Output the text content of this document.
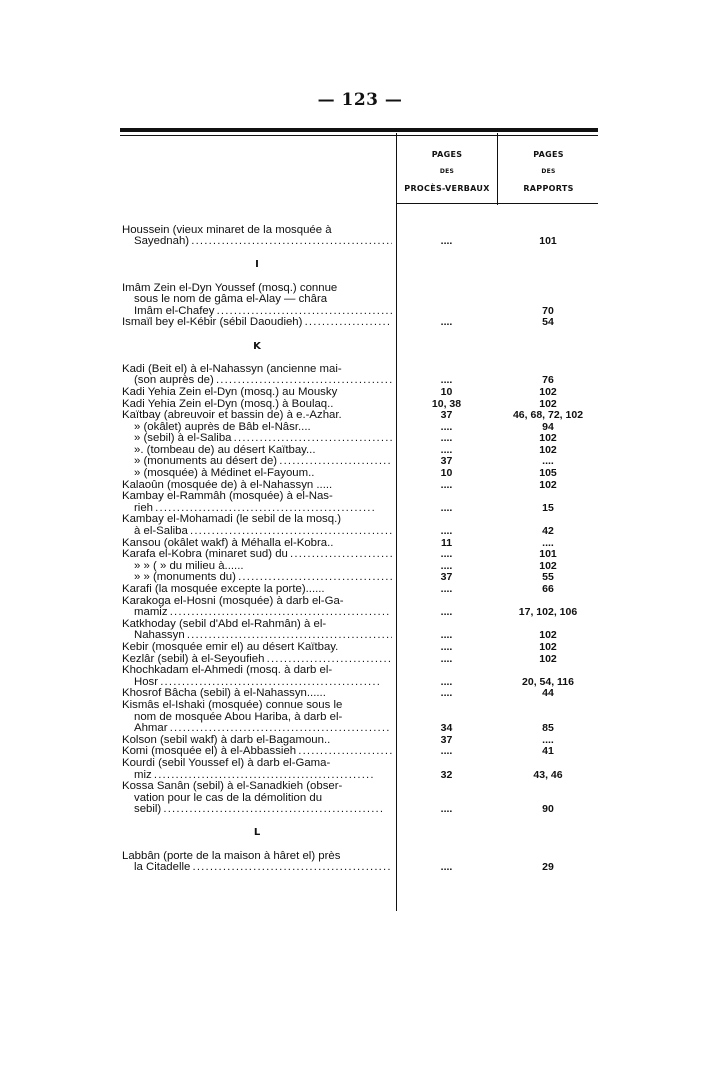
— 123 —
PAGES
DES
PROCÈS-VERBAUX
PAGES
DES
RAPPORTS
Houssein (vieux minaret de la mosquée à
Sayednah) . . .
I
Imâm Zein el-Dyn Youssef (mosq.) connue
sous le nom de gâma el-Alay — châra
Imâm el-Chafey . . .
Ismaïl bey el-Kébir (sébil Daoudieh) . . .
K
Kadi (Beit el) à el-Nahassyn (ancienne mai-
(son auprès de) . . .
Kadi Yehia Zein el-Dyn (mosq.) au Mousky
Kadi Yehia Zein el-Dyn (mosq.) à Boulaq..
Kaïtbay (abreuvoir et bassin de) à e.-Azhar.
» (okâlet) auprès de Bâb el-Nâsr....
» (sebil) à el-Saliba . . .
». (tombeau de) au désert Kaïtbay...
» (monuments au désert de) . . .
» (mosquée) à Médinet el-Fayoum..
Kalaoûn (mosquée de) à el-Nahassyn .....
Kambay el-Rammâh (mosquée) à el-Nas-
rieh . . .
Kambay el-Mohamadi (le sebil de la mosq.)
à el-Saliba . . .
Kansou (okâlet wakf) à Méhalla el-Kobra..
Karafa el-Kobra (minaret sud) du . . .
» » ( » du milieu à......
» » (monuments du) . . .
Karafi (la mosquée excepte la porte)......
Karakoga el-Hosni (mosquée) à darb el-Ga-
mamiz . . .
Katkhoday (sebil d'Abd el-Rahmân) à el-
Nahassyn . . .
Kebir (mosquée emir el) au désert Kaïtbay.
Kezlâr (sebil) à el-Seyoufieh . . .
Khochkadam el-Ahmedi (mosq. à darb el-
Hosr . . .
Khosrof Bâcha (sebil) à el-Nahassyn......
Kismâs el-Ishaki (mosquée) connue sous le
nom de mosquée Abou Hariba, à darb el-
Ahmar . . .
Kolson (sebil wakf) à darb el-Bagamoun..
Komi (mosquée el) à el-Abbassieh . . .
Kourdi (sebil Youssef el) à darb el-Gama-
miz . . .
Kossa Sanân (sebil) à el-Sanadkieh (obser-
vation pour le cas de la démolition du
sebil) . . .
L
Labbân (porte de la maison à hâret el) près
la Citadelle . . .
....
....
....
10
10, 38
37
....
....
....
37
10
....
....
....
11
....
....
37
....
....
....
....
....
....
....
34
37
....
32
....
....
101
70
54
76
102
102
46, 68, 72, 102
94
102
102
....
105
102
15
42
....
101
102
55
66
17, 102, 106
102
102
102
20, 54, 116
44
85
....
41
43, 46
90
29
